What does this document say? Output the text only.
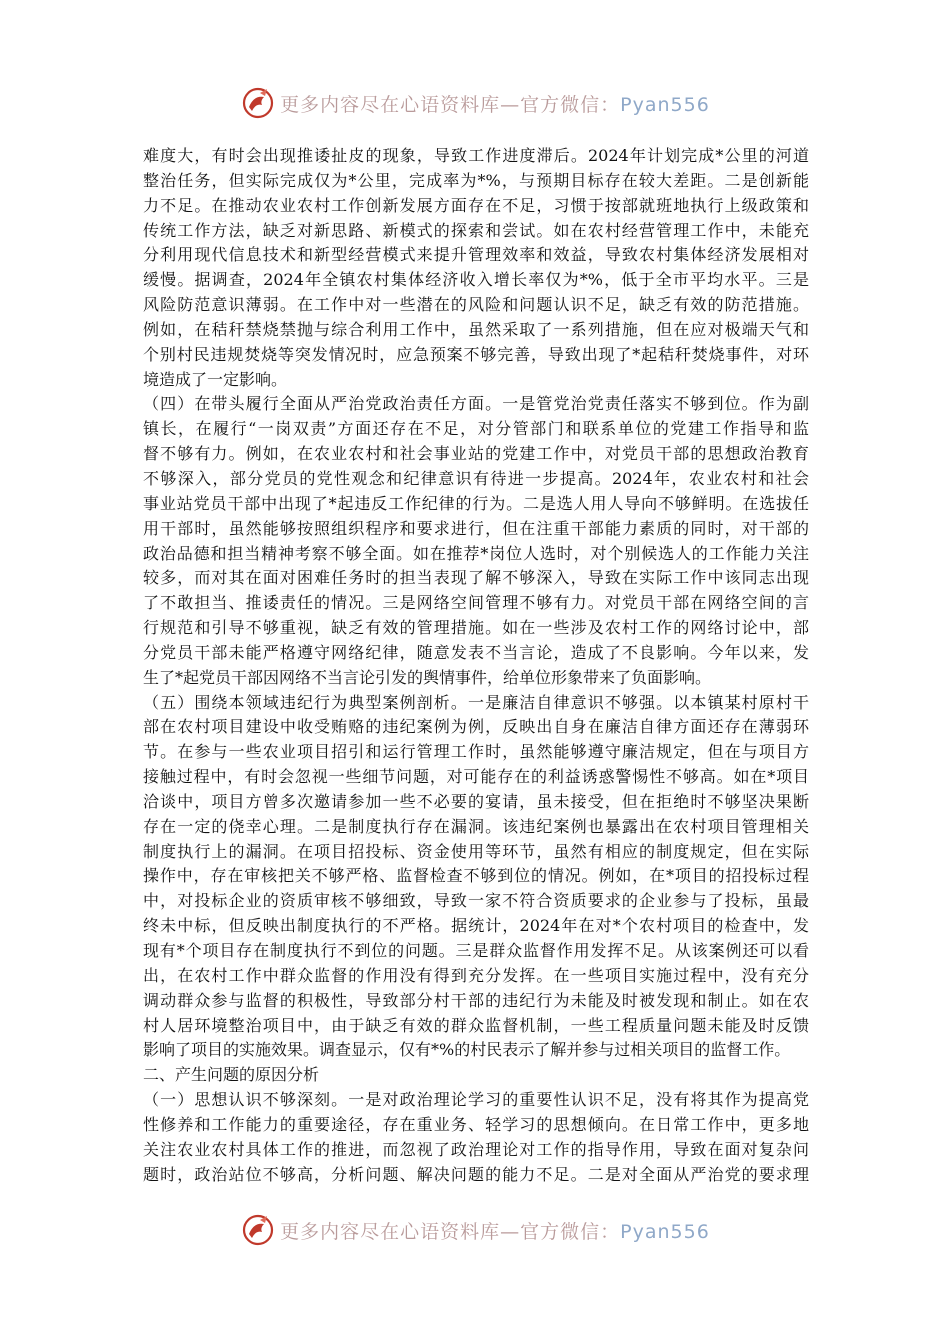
更多内容尽在心语资料库—官方微信：Pyan556
难度大，有时会出现推诿扯皮的现象，导致工作进度滞后。2024年计划完成*公里的河道
整治任务，但实际完成仅为*公里，完成率为*%，与预期目标存在较大差距。二是创新能
力不足。在推动农业农村工作创新发展方面存在不足，习惯于按部就班地执行上级政策和
传统工作方法，缺乏对新思路、新模式的探索和尝试。如在农村经营管理工作中，未能充
分利用现代信息技术和新型经营模式来提升管理效率和效益，导致农村集体经济发展相对
缓慢。据调查，2024年全镇农村集体经济收入增长率仅为*%，低于全市平均水平。三是
风险防范意识薄弱。在工作中对一些潜在的风险和问题认识不足，缺乏有效的防范措施。
例如，在秸秆禁烧禁抛与综合利用工作中，虽然采取了一系列措施，但在应对极端天气和
个别村民违规焚烧等突发情况时，应急预案不够完善，导致出现了*起秸秆焚烧事件，对环
境造成了一定影响。
（四）在带头履行全面从严治党政治责任方面。一是管党治党责任落实不够到位。作为副
镇长，在履行“一岗双责”方面还存在不足，对分管部门和联系单位的党建工作指导和监
督不够有力。例如，在农业农村和社会事业站的党建工作中，对党员干部的思想政治教育
不够深入，部分党员的党性观念和纪律意识有待进一步提高。2024年，农业农村和社会
事业站党员干部中出现了*起违反工作纪律的行为。二是选人用人导向不够鲜明。在选拔任
用干部时，虽然能够按照组织程序和要求进行，但在注重干部能力素质的同时，对干部的
政治品德和担当精神考察不够全面。如在推荐*岗位人选时，对个别候选人的工作能力关注
较多，而对其在面对困难任务时的担当表现了解不够深入，导致在实际工作中该同志出现
了不敢担当、推诿责任的情况。三是网络空间管理不够有力。对党员干部在网络空间的言
行规范和引导不够重视，缺乏有效的管理措施。如在一些涉及农村工作的网络讨论中，部
分党员干部未能严格遵守网络纪律，随意发表不当言论，造成了不良影响。今年以来，发
生了*起党员干部因网络不当言论引发的舆情事件，给单位形象带来了负面影响。
（五）围绕本领域违纪行为典型案例剖析。一是廉洁自律意识不够强。以本镇某村原村干
部在农村项目建设中收受贿赂的违纪案例为例，反映出自身在廉洁自律方面还存在薄弱环
节。在参与一些农业项目招引和运行管理工作时，虽然能够遵守廉洁规定，但在与项目方
接触过程中，有时会忽视一些细节问题，对可能存在的利益诱惑警惕性不够高。如在*项目
洽谈中，项目方曾多次邀请参加一些不必要的宴请，虽未接受，但在拒绝时不够坚决果断
存在一定的侥幸心理。二是制度执行存在漏洞。该违纪案例也暴露出在农村项目管理相关
制度执行上的漏洞。在项目招投标、资金使用等环节，虽然有相应的制度规定，但在实际
操作中，存在审核把关不够严格、监督检查不够到位的情况。例如，在*项目的招投标过程
中，对投标企业的资质审核不够细致，导致一家不符合资质要求的企业参与了投标，虽最
终未中标，但反映出制度执行的不严格。据统计，2024年在对*个农村项目的检查中，发
现有*个项目存在制度执行不到位的问题。三是群众监督作用发挥不足。从该案例还可以看
出，在农村工作中群众监督的作用没有得到充分发挥。在一些项目实施过程中，没有充分
调动群众参与监督的积极性，导致部分村干部的违纪行为未能及时被发现和制止。如在农
村人居环境整治项目中，由于缺乏有效的群众监督机制，一些工程质量问题未能及时反馈
影响了项目的实施效果。调查显示，仅有*%的村民表示了解并参与过相关项目的监督工作。
二、产生问题的原因分析
（一）思想认识不够深刻。一是对政治理论学习的重要性认识不足，没有将其作为提高党
性修养和工作能力的重要途径，存在重业务、轻学习的思想倾向。在日常工作中，更多地
关注农业农村具体工作的推进，而忽视了政治理论对工作的指导作用，导致在面对复杂问
题时，政治站位不够高，分析问题、解决问题的能力不足。二是对全面从严治党的要求理
更多内容尽在心语资料库—官方微信：Pyan556
